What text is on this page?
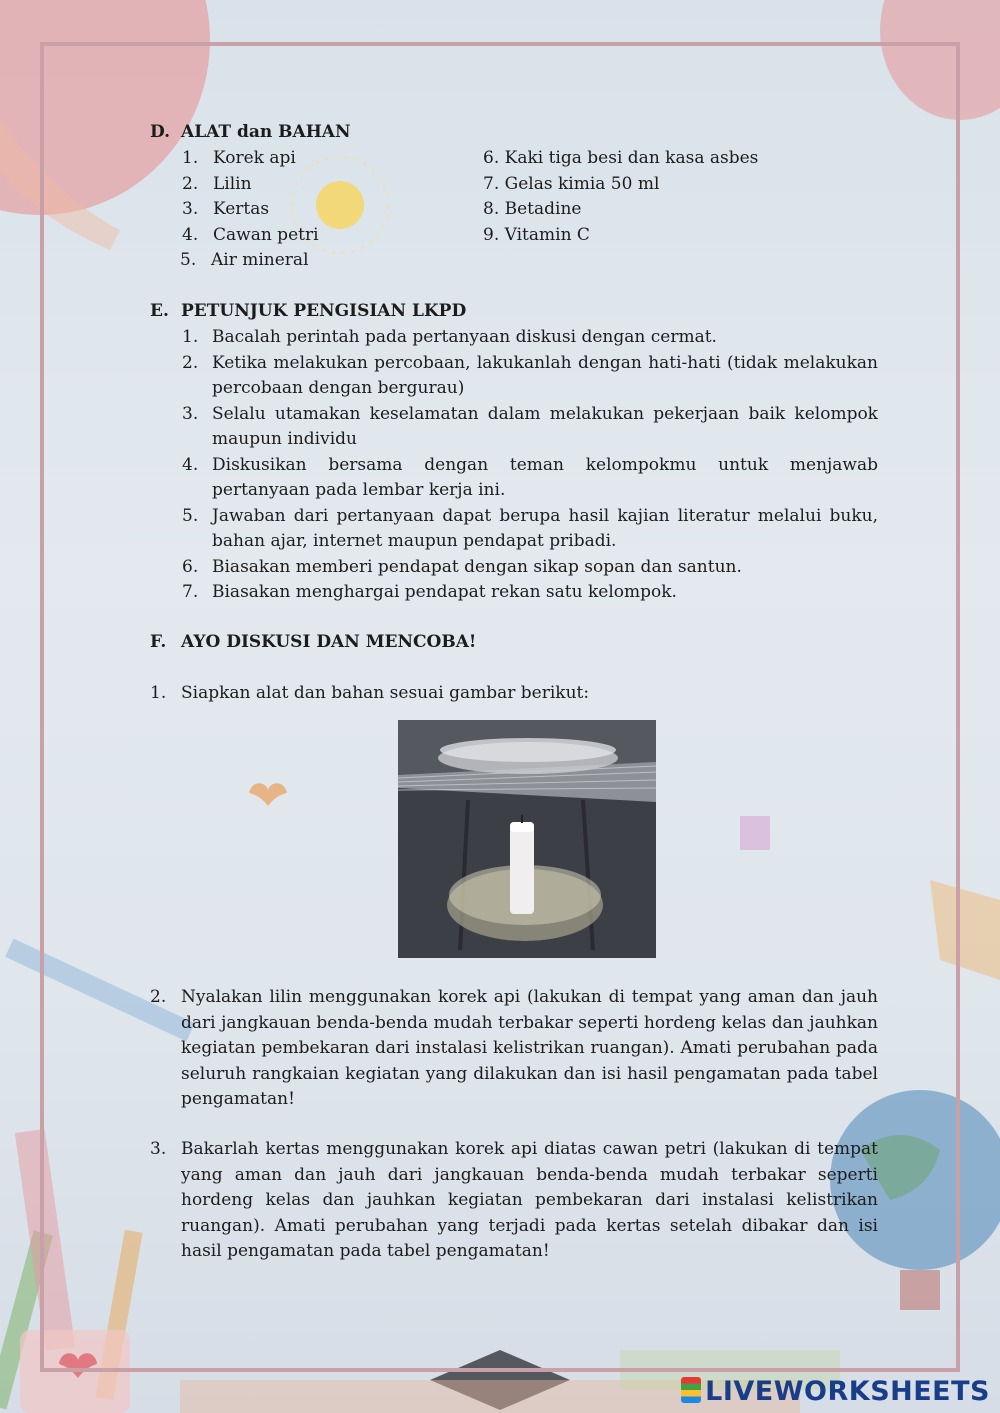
D. ALAT dan BAHAN
1. Korek api
2. Lilin
3. Kertas
4. Cawan petri
5. Air mineral
6. Kaki tiga besi dan kasa asbes
7. Gelas kimia 50 ml
8. Betadine
9. Vitamin C
E. PETUNJUK PENGISIAN LKPD
1. Bacalah perintah pada pertanyaan diskusi dengan cermat.
2. Ketika melakukan percobaan, lakukanlah dengan hati-hati (tidak melakukan percobaan dengan bergurau)
3. Selalu utamakan keselamatan dalam melakukan pekerjaan baik kelompok maupun individu
4. Diskusikan bersama dengan teman kelompokmu untuk menjawab pertanyaan pada lembar kerja ini.
5. Jawaban dari pertanyaan dapat berupa hasil kajian literatur melalui buku, bahan ajar, internet maupun pendapat pribadi.
6. Biasakan memberi pendapat dengan sikap sopan dan santun.
7. Biasakan menghargai pendapat rekan satu kelompok.
F. AYO DISKUSI DAN MENCOBA!
1. Siapkan alat dan bahan sesuai gambar berikut:
2. Nyalakan lilin menggunakan korek api (lakukan di tempat yang aman dan jauh dari jangkauan benda-benda mudah terbakar seperti hordeng kelas dan jauhkan kegiatan pembekaran dari instalasi kelistrikan ruangan). Amati perubahan pada seluruh rangkaian kegiatan yang dilakukan dan isi hasil pengamatan pada tabel pengamatan!
3. Bakarlah kertas menggunakan korek api diatas cawan petri (lakukan di tempat yang aman dan jauh dari jangkauan benda-benda mudah terbakar seperti hordeng kelas dan jauhkan kegiatan pembekaran dari instalasi kelistrikan ruangan). Amati perubahan yang terjadi pada kertas setelah dibakar dan isi hasil pengamatan pada tabel pengamatan!
LIVEWORKSHEETS
